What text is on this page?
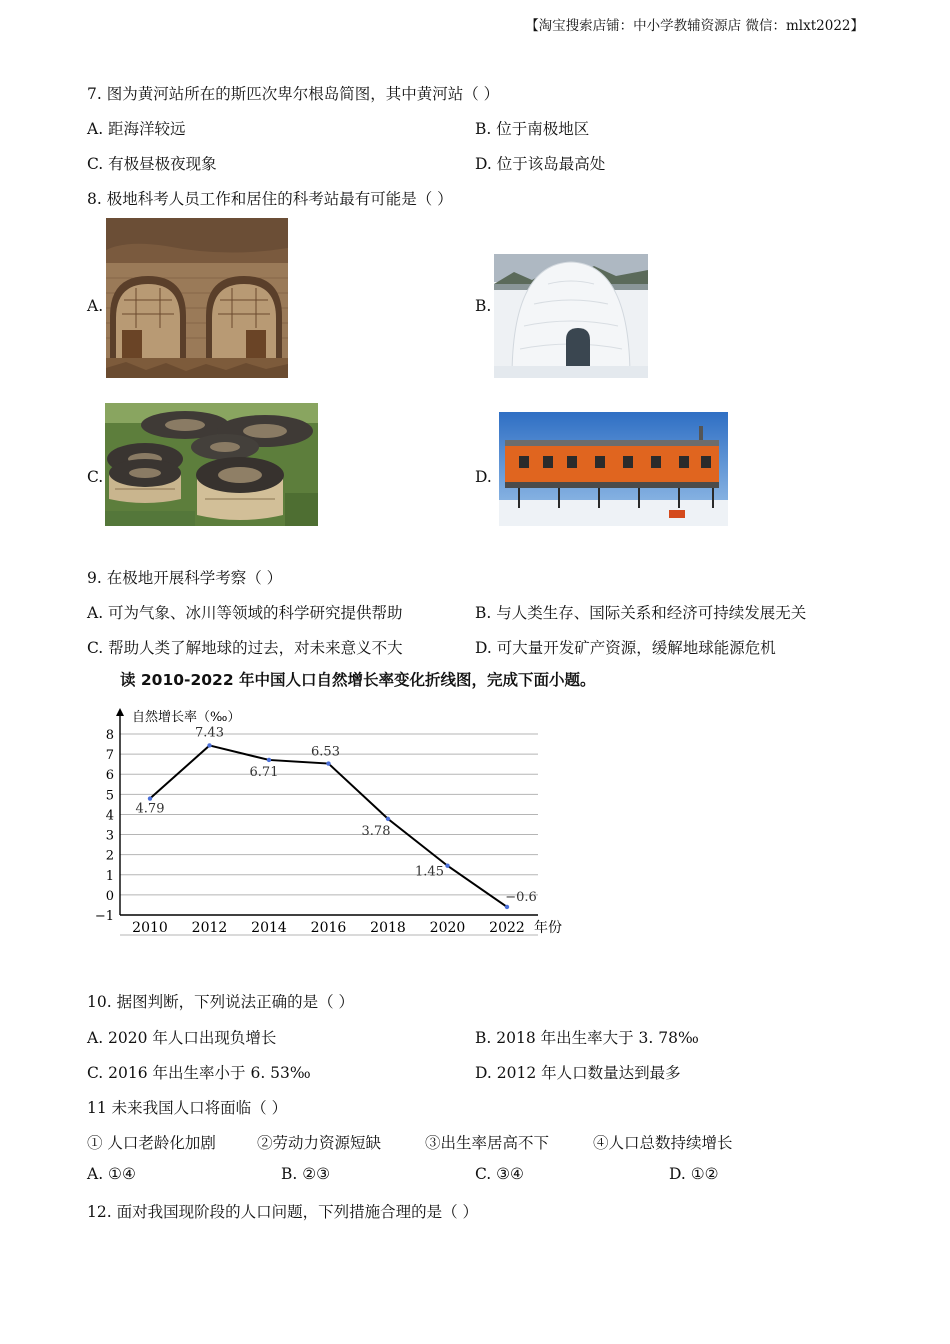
【淘宝搜索店铺：中小学教辅资源店 微信：mlxt2022】
7. 图为黄河站所在的斯匹次卑尔根岛简图，其中黄河站（ ）
A. 距海洋较远	B. 位于南极地区
C. 有极昼极夜现象	D. 位于该岛最高处
8. 极地科考人员工作和居住的科考站最有可能是（ ）
A.	B.
C.	D.
9. 在极地开展科学考察（ ）
A. 可为气象、冰川等领域的科学研究提供帮助	B. 与人类生存、国际关系和经济可持续发展无关
C. 帮助人类了解地球的过去，对未来意义不大	D. 可大量开发矿产资源，缓解地球能源危机
读 2010-2022 年中国人口自然增长率变化折线图，完成下面小题。
自然增长率（‰）
年份
8
7
6
5
4
3
2
1
0
−1
2010 2012 2014 2016 2018 2020 2022
4.79
7.43
6.71
6.53
3.78
1.45
−0.6
10. 据图判断，下列说法正确的是（ ）
A. 2020 年人口出现负增长	B. 2018 年出生率大于 3. 78‰
C. 2016 年出生率小于 6. 53‰	D. 2012 年人口数量达到最多
11 未来我国人口将面临（ ）
① 人口老龄化加剧	②劳动力资源短缺	③出生率居高不下	④人口总数持续增长
A. ①④	B. ②③	C. ③④	D. ①②
12. 面对我国现阶段的人口问题，下列措施合理的是（ ）
